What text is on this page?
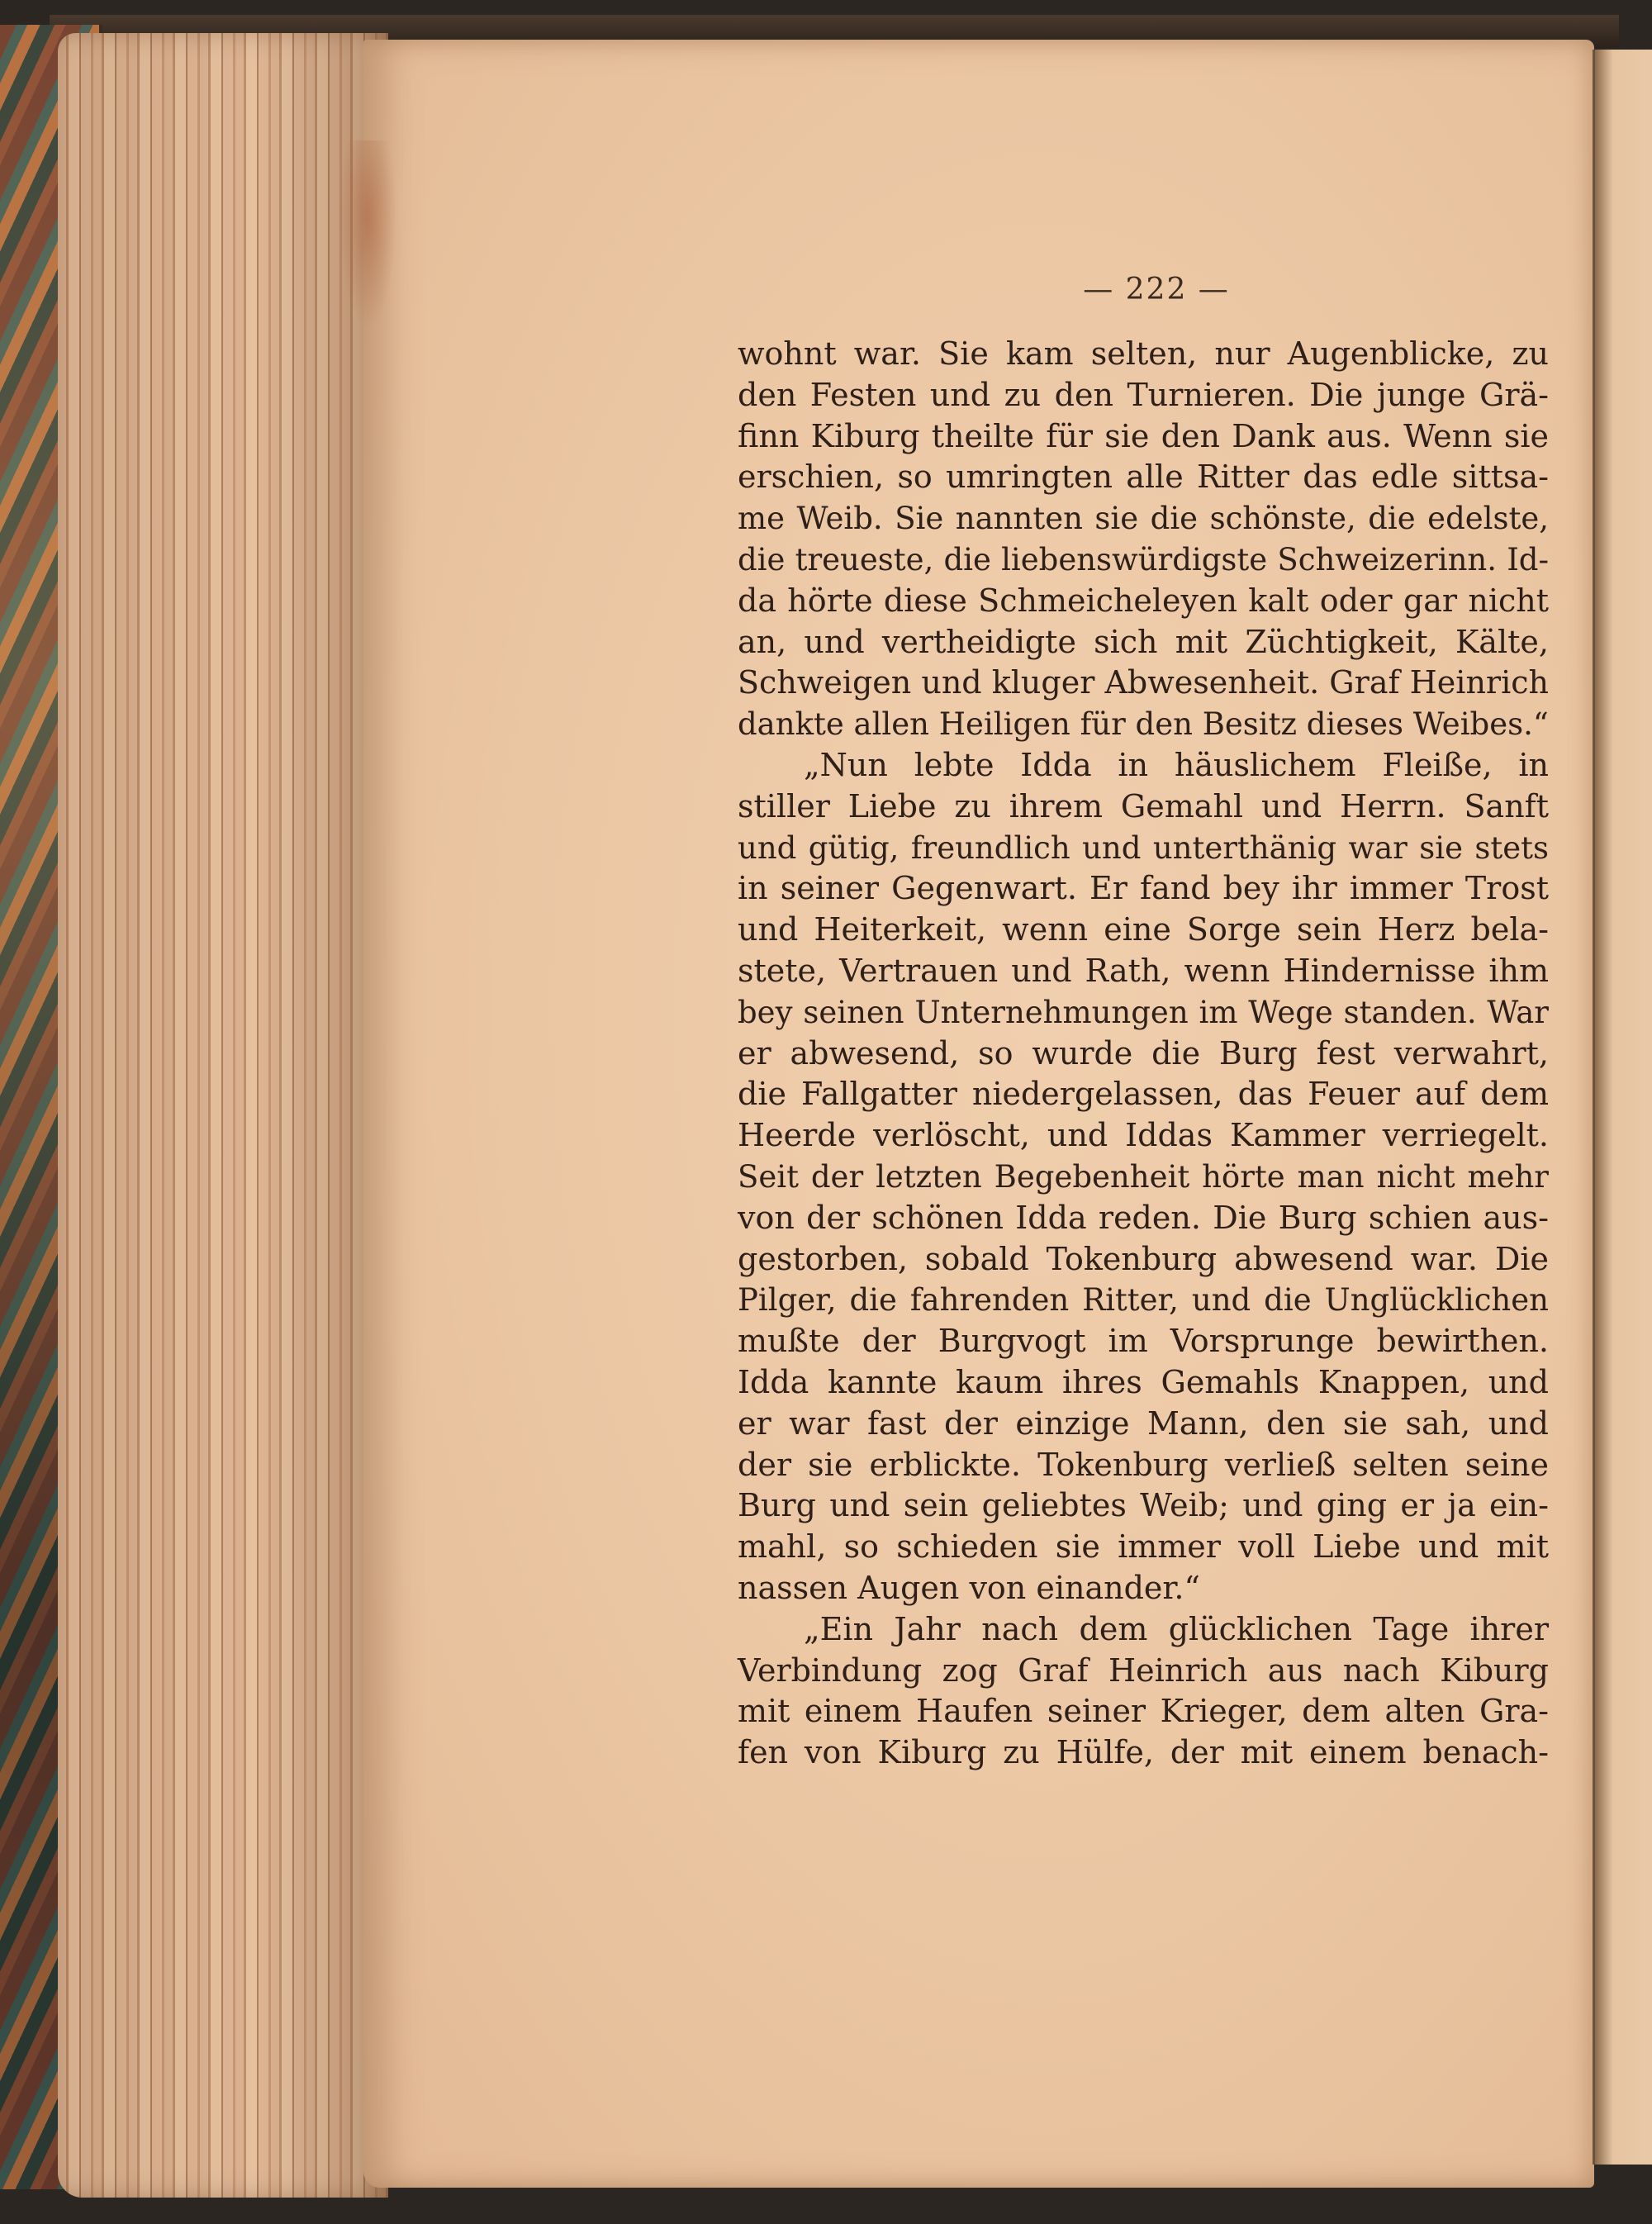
— 222 —
wohnt war. Sie kam selten, nur Augenblicke, zu
den Festen und zu den Turnieren. Die junge Grä-
finn Kiburg theilte für sie den Dank aus. Wenn sie
erschien, so umringten alle Ritter das edle sittsa-
me Weib. Sie nannten sie die schönste, die edelste,
die treueste, die liebenswürdigste Schweizerinn. Id-
da hörte diese Schmeicheleyen kalt oder gar nicht
an, und vertheidigte sich mit Züchtigkeit, Kälte,
Schweigen und kluger Abwesenheit. Graf Heinrich
dankte allen Heiligen für den Besitz dieses Weibes.“
„Nun lebte Idda in häuslichem Fleiße, in
stiller Liebe zu ihrem Gemahl und Herrn. Sanft
und gütig, freundlich und unterthänig war sie stets
in seiner Gegenwart. Er fand bey ihr immer Trost
und Heiterkeit, wenn eine Sorge sein Herz bela-
stete, Vertrauen und Rath, wenn Hindernisse ihm
bey seinen Unternehmungen im Wege standen. War
er abwesend, so wurde die Burg fest verwahrt,
die Fallgatter niedergelassen, das Feuer auf dem
Heerde verlöscht, und Iddas Kammer verriegelt.
Seit der letzten Begebenheit hörte man nicht mehr
von der schönen Idda reden. Die Burg schien aus-
gestorben, sobald Tokenburg abwesend war. Die
Pilger, die fahrenden Ritter, und die Unglücklichen
mußte der Burgvogt im Vorsprunge bewirthen.
Idda kannte kaum ihres Gemahls Knappen, und
er war fast der einzige Mann, den sie sah, und
der sie erblickte. Tokenburg verließ selten seine
Burg und sein geliebtes Weib; und ging er ja ein-
mahl, so schieden sie immer voll Liebe und mit
nassen Augen von einander.“
„Ein Jahr nach dem glücklichen Tage ihrer
Verbindung zog Graf Heinrich aus nach Kiburg
mit einem Haufen seiner Krieger, dem alten Gra-
fen von Kiburg zu Hülfe, der mit einem benach-
